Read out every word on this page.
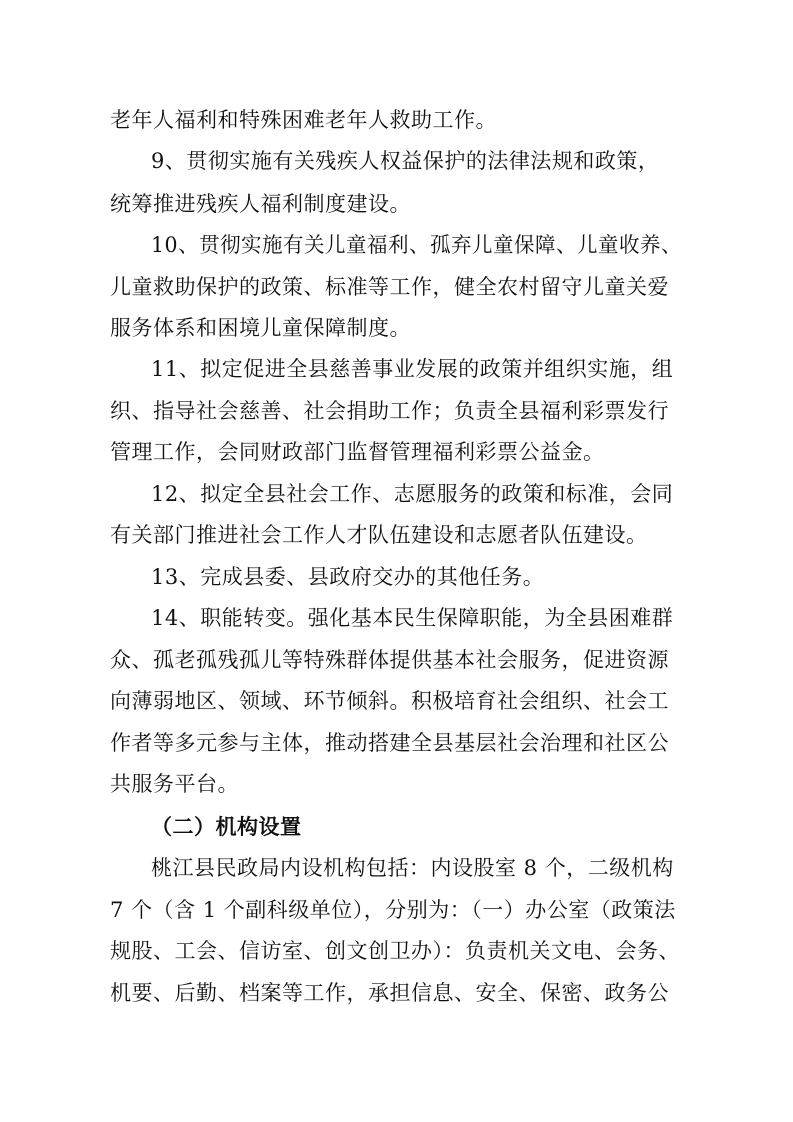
老年人福利和特殊困难老年人救助工作。
9、贯彻实施有关残疾人权益保护的法律法规和政策，
统筹推进残疾人福利制度建设。
10、贯彻实施有关儿童福利、孤弃儿童保障、儿童收养、
儿童救助保护的政策、标准等工作，健全农村留守儿童关爱
服务体系和困境儿童保障制度。
11、拟定促进全县慈善事业发展的政策并组织实施，组
织、指导社会慈善、社会捐助工作；负责全县福利彩票发行
管理工作，会同财政部门监督管理福利彩票公益金。
12、拟定全县社会工作、志愿服务的政策和标准，会同
有关部门推进社会工作人才队伍建设和志愿者队伍建设。
13、完成县委、县政府交办的其他任务。
14、职能转变。强化基本民生保障职能，为全县困难群
众、孤老孤残孤儿等特殊群体提供基本社会服务，促进资源
向薄弱地区、领域、环节倾斜。积极培育社会组织、社会工
作者等多元参与主体，推动搭建全县基层社会治理和社区公
共服务平台。
（二）机构设置
桃江县民政局内设机构包括：内设股室 8 个，二级机构
7 个（含 1 个副科级单位），分别为：（一）办公室（政策法
规股、工会、信访室、创文创卫办）：负责机关文电、会务、
机要、后勤、档案等工作，承担信息、安全、保密、政务公
